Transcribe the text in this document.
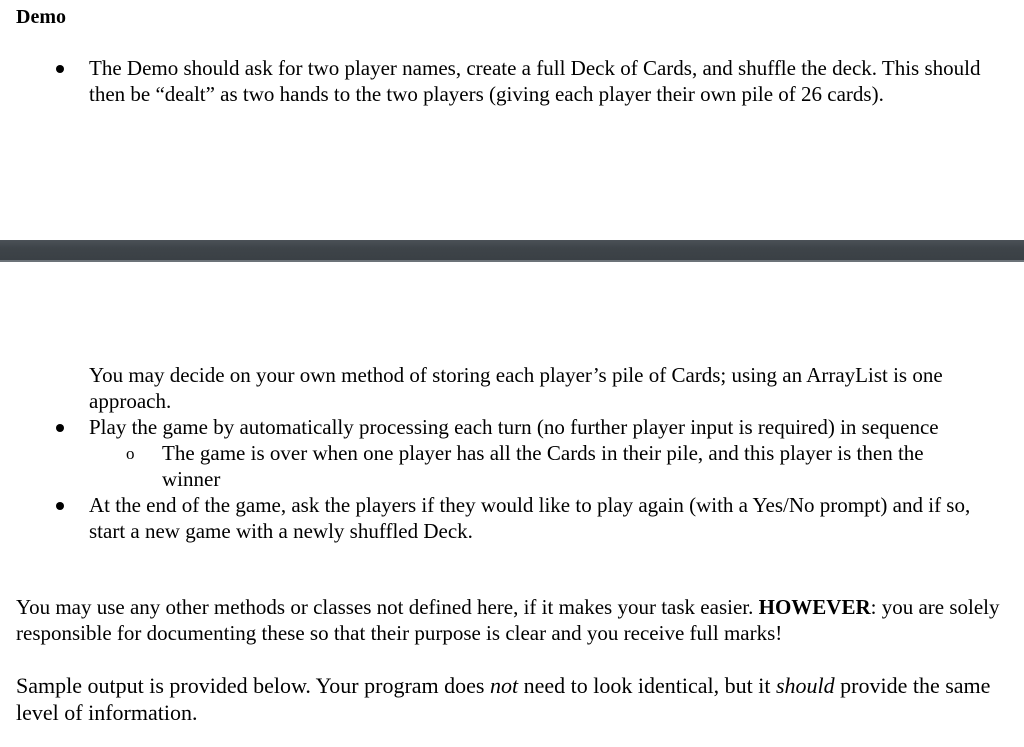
Demo

The Demo should ask for two player names, create a full Deck of Cards, and shuffle the deck. This should then be “dealt” as two hands to the two players (giving each player their own pile of 26 cards).

You may decide on your own method of storing each player’s pile of Cards; using an ArrayList is one approach.

Play the game by automatically processing each turn (no further player input is required) in sequence

o The game is over when one player has all the Cards in their pile, and this player is then the winner

At the end of the game, ask the players if they would like to play again (with a Yes/No prompt) and if so, start a new game with a newly shuffled Deck.

You may use any other methods or classes not defined here, if it makes your task easier. HOWEVER: you are solely responsible for documenting these so that their purpose is clear and you receive full marks!

Sample output is provided below. Your program does not need to look identical, but it should provide the same level of information.
